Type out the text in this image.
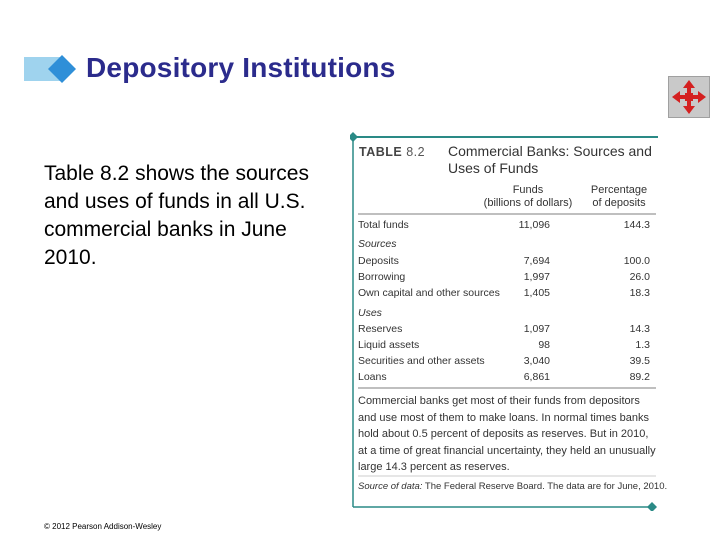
Depository Institutions
Table 8.2 shows the sources and uses of funds in all U.S. commercial banks in June 2010.
TABLE 8.2 Commercial Banks: Sources and Uses of Funds
Funds
(billions of dollars)
Percentage
of deposits
Total funds	11,096	144.3
Sources
Deposits	7,694	100.0
Borrowing	1,997	26.0
Own capital and other sources 1,405	18.3
Uses
Reserves	1,097	14.3
Liquid assets	98	1.3
Securities and other assets	3,040	39.5
Loans	6,861	89.2
Commercial banks get most of their funds from depositors and use most of them to make loans. In normal times banks hold about 0.5 percent of deposits as reserves. But in 2010, at a time of great financial uncertainty, they held an unusually large 14.3 percent as reserves.
Source of data: The Federal Reserve Board. The data are for June, 2010.
© 2012 Pearson Addison-Wesley
